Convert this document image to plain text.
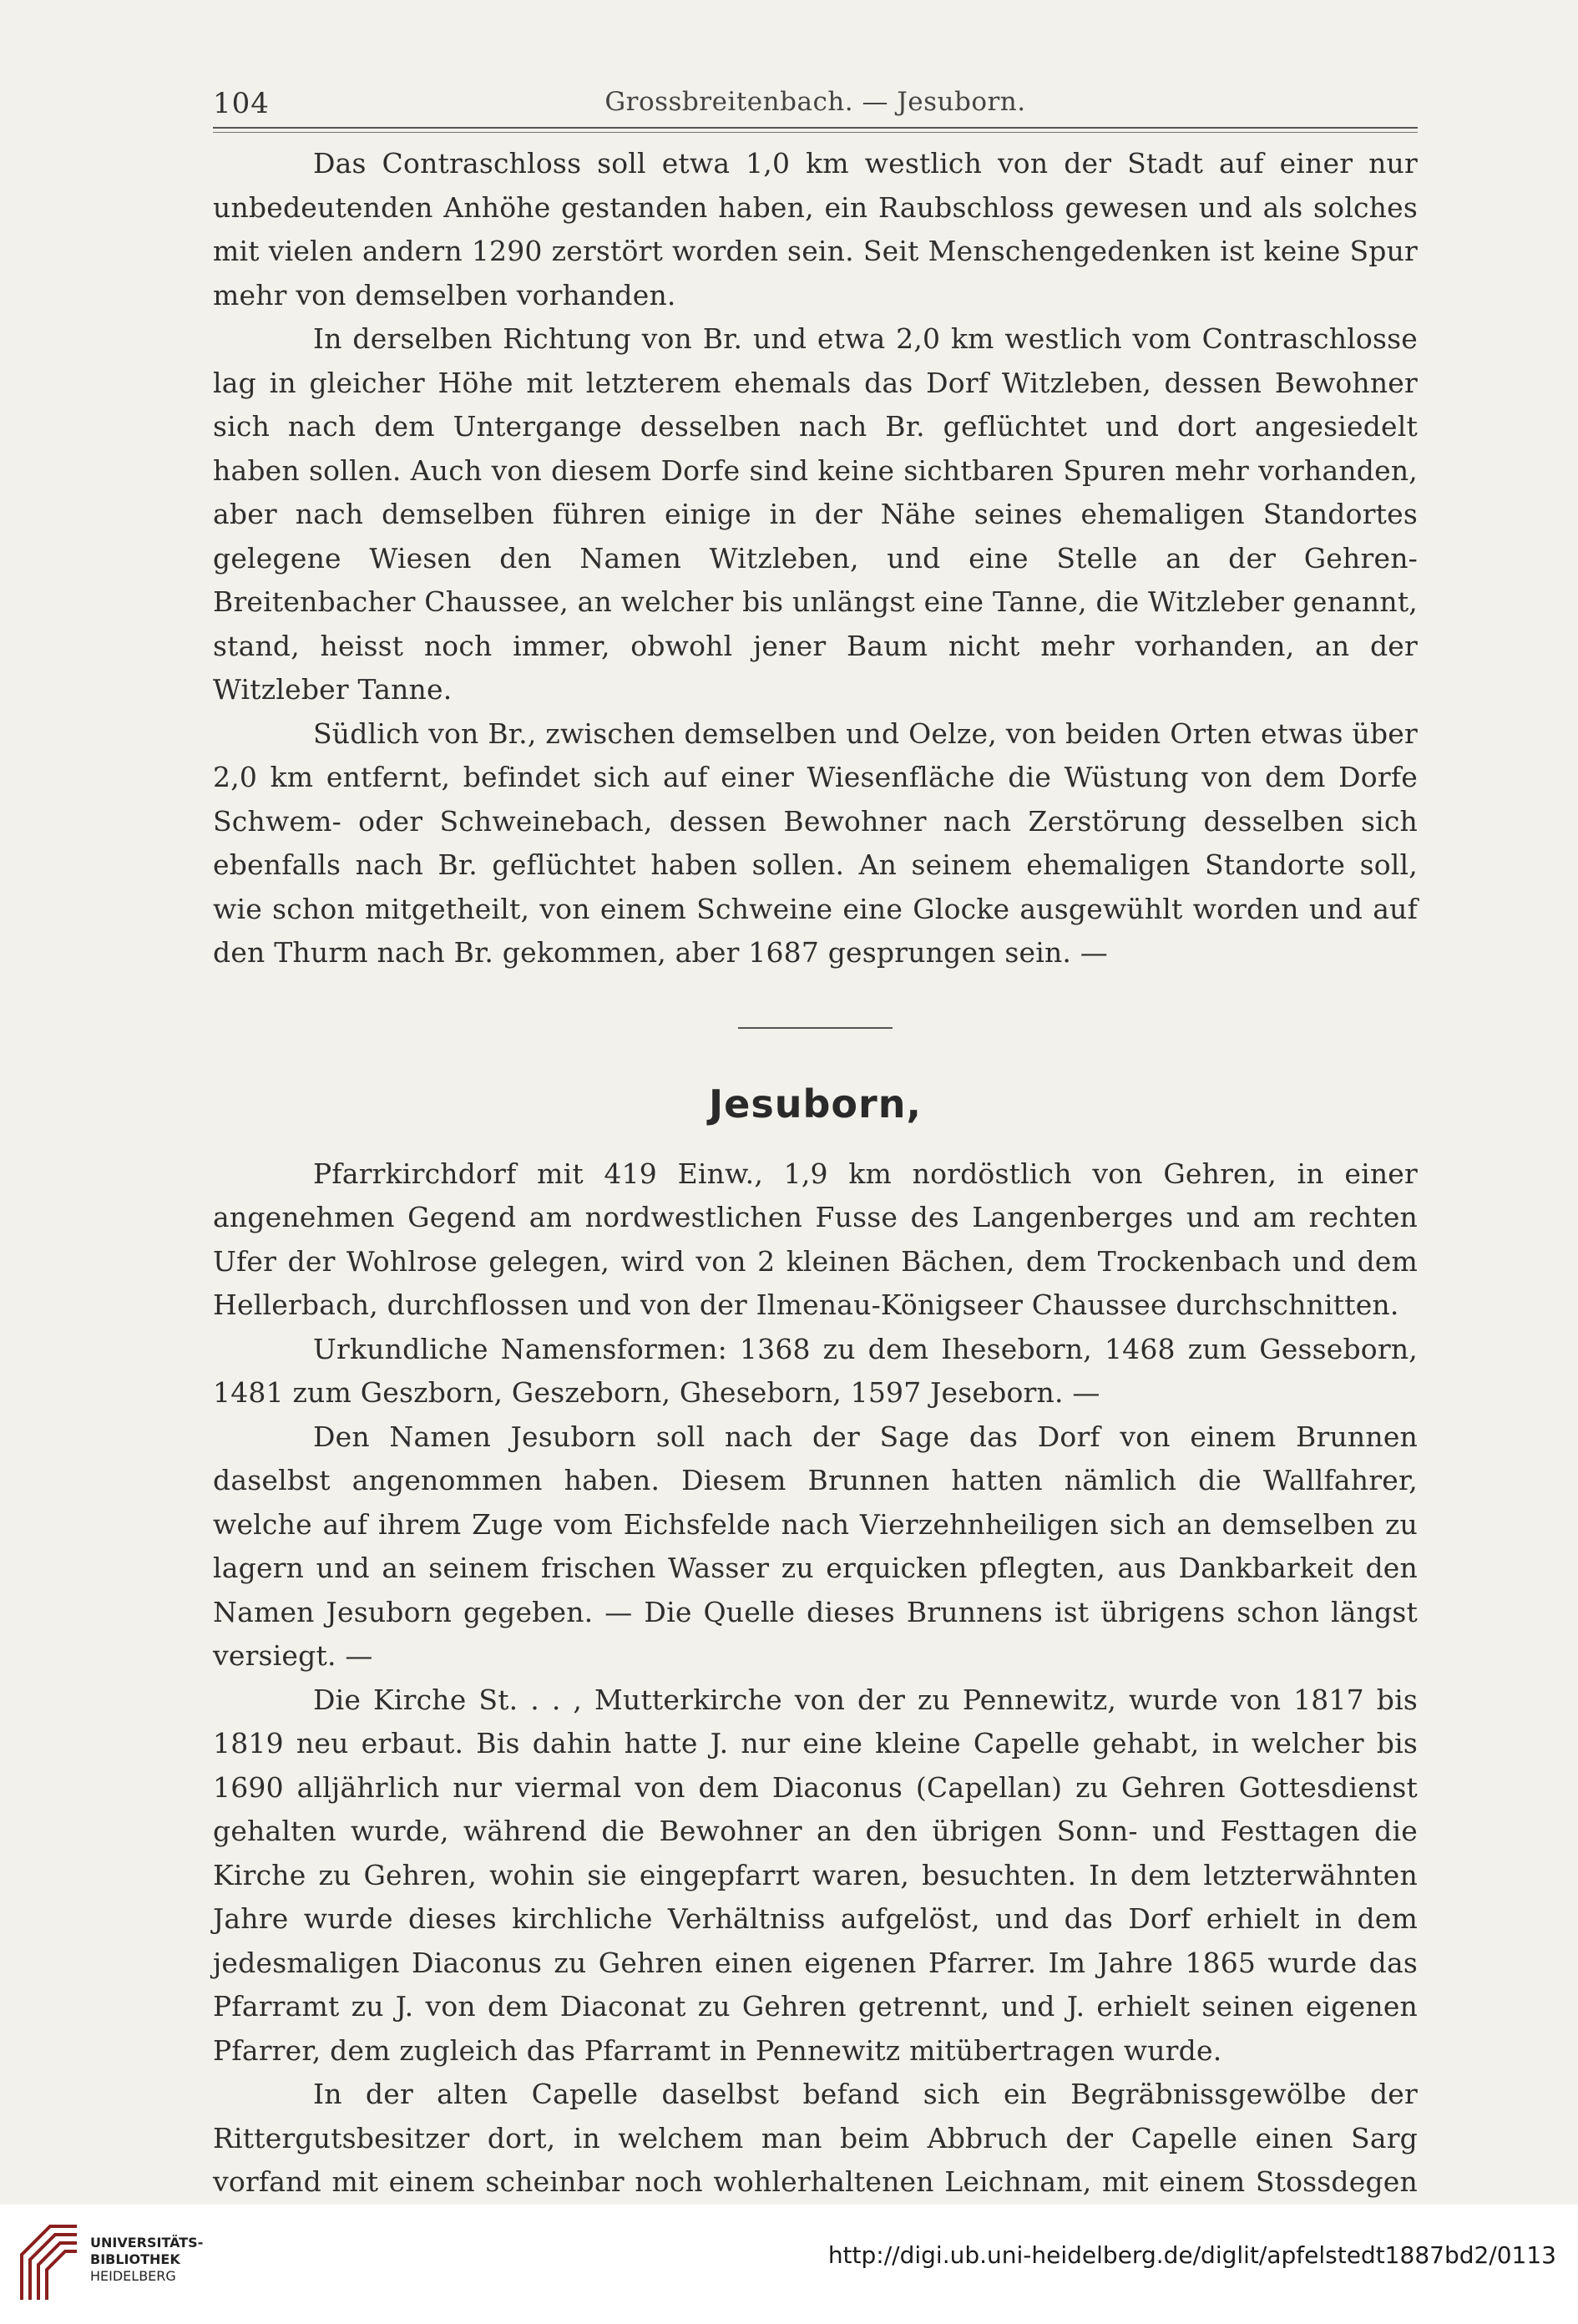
104	Grossbreitenbach. — Jesuborn.

Das Contraschloss soll etwa 1,0 km westlich von der Stadt auf einer nur unbedeutenden Anhöhe gestanden haben, ein Raubschloss gewesen und als solches mit vielen andern 1290 zerstört worden sein. Seit Menschengedenken ist keine Spur mehr von demselben vorhanden.

In derselben Richtung von Br. und etwa 2,0 km westlich vom Contraschlosse lag in gleicher Höhe mit letzterem ehemals das Dorf Witzleben, dessen Bewohner sich nach dem Untergange desselben nach Br. geflüchtet und dort angesiedelt haben sollen. Auch von diesem Dorfe sind keine sichtbaren Spuren mehr vorhanden, aber nach demselben führen einige in der Nähe seines ehemaligen Standortes gelegene Wiesen den Namen Witzleben, und eine Stelle an der Gehren-Breitenbacher Chaussee, an welcher bis unlängst eine Tanne, die Witzleber genannt, stand, heisst noch immer, obwohl jener Baum nicht mehr vorhanden, an der Witzleber Tanne.

Südlich von Br., zwischen demselben und Oelze, von beiden Orten etwas über 2,0 km entfernt, befindet sich auf einer Wiesenfläche die Wüstung von dem Dorfe Schwem- oder Schweinebach, dessen Bewohner nach Zerstörung desselben sich ebenfalls nach Br. geflüchtet haben sollen. An seinem ehemaligen Standorte soll, wie schon mitgetheilt, von einem Schweine eine Glocke ausgewühlt worden und auf den Thurm nach Br. gekommen, aber 1687 gesprungen sein. —

Jesuborn,

Pfarrkirchdorf mit 419 Einw., 1,9 km nordöstlich von Gehren, in einer angenehmen Gegend am nordwestlichen Fusse des Langenberges und am rechten Ufer der Wohlrose gelegen, wird von 2 kleinen Bächen, dem Trockenbach und dem Hellerbach, durchflossen und von der Ilmenau-Königseer Chaussee durchschnitten.

Urkundliche Namensformen: 1368 zu dem Iheseborn, 1468 zum Gesseborn, 1481 zum Geszborn, Geszeborn, Gheseborn, 1597 Jeseborn. —

Den Namen Jesuborn soll nach der Sage das Dorf von einem Brunnen daselbst angenommen haben. Diesem Brunnen hatten nämlich die Wallfahrer, welche auf ihrem Zuge vom Eichsfelde nach Vierzehnheiligen sich an demselben zu lagern und an seinem frischen Wasser zu erquicken pflegten, aus Dankbarkeit den Namen Jesuborn gegeben. — Die Quelle dieses Brunnens ist übrigens schon längst versiegt. —

Die Kirche St. . . , Mutterkirche von der zu Pennewitz, wurde von 1817 bis 1819 neu erbaut. Bis dahin hatte J. nur eine kleine Capelle gehabt, in welcher bis 1690 alljährlich nur viermal von dem Diaconus (Capellan) zu Gehren Gottesdienst gehalten wurde, während die Bewohner an den übrigen Sonn- und Festtagen die Kirche zu Gehren, wohin sie eingepfarrt waren, besuchten. In dem letzterwähnten Jahre wurde dieses kirchliche Verhältniss aufgelöst, und das Dorf erhielt in dem jedesmaligen Diaconus zu Gehren einen eigenen Pfarrer. Im Jahre 1865 wurde das Pfarramt zu J. von dem Diaconat zu Gehren getrennt, und J. erhielt seinen eigenen Pfarrer, dem zugleich das Pfarramt in Pennewitz mitübertragen wurde.

In der alten Capelle daselbst befand sich ein Begräbnissgewölbe der Rittergutsbesitzer dort, in welchem man beim Abbruch der Capelle einen Sarg vorfand mit einem scheinbar noch wohlerhaltenen Leichnam, mit einem Stossdegen

UNIVERSITÄTS-
BIBLIOTHEK
HEIDELBERG
http://digi.ub.uni-heidelberg.de/diglit/apfelstedt1887bd2/0113
